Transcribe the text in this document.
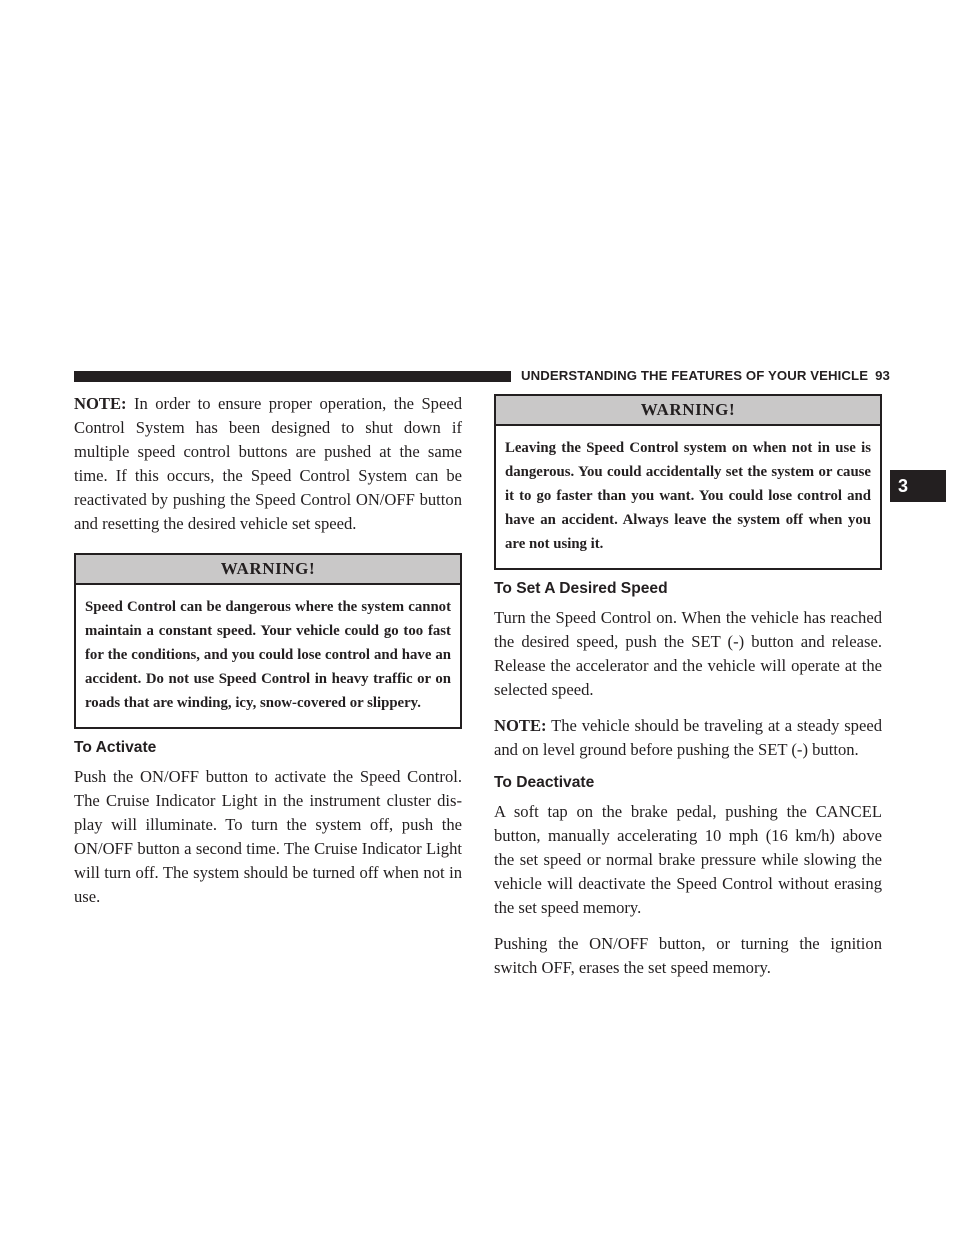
UNDERSTANDING THE FEATURES OF YOUR VEHICLE 93
3

NOTE: In order to ensure proper operation, the Speed Control System has been designed to shut down if multiple speed control buttons are pushed at the same time. If this occurs, the Speed Control System can be reactivated by pushing the Speed Control ON/OFF button and resetting the desired vehicle set speed.

WARNING!
Speed Control can be dangerous where the system cannot maintain a constant speed. Your vehicle could go too fast for the conditions, and you could lose control and have an accident. Do not use Speed Control in heavy traffic or on roads that are winding, icy, snow-covered or slippery.
To Activate

Push the ON/OFF button to activate the Speed Control. The Cruise Indicator Light in the instrument cluster display will illuminate. To turn the system off, push the ON/OFF button a second time. The Cruise Indicator Light will turn off. The system should be turned off when not in use.

WARNING!
Leaving the Speed Control system on when not in use is dangerous. You could accidentally set the system or cause it to go faster than you want. You could lose control and have an accident. Always leave the system off when you are not using it.
To Set A Desired Speed

Turn the Speed Control on. When the vehicle has reached the desired speed, push the SET (-) button and release. Release the accelerator and the vehicle will operate at the selected speed.

NOTE: The vehicle should be traveling at a steady speed and on level ground before pushing the SET (-) button.

To Deactivate

A soft tap on the brake pedal, pushing the CANCEL button, manually accelerating 10 mph (16 km/h) above the set speed or normal brake pressure while slowing the vehicle will deactivate the Speed Control without erasing the set speed memory.

Pushing the ON/OFF button, or turning the ignition switch OFF, erases the set speed memory.
